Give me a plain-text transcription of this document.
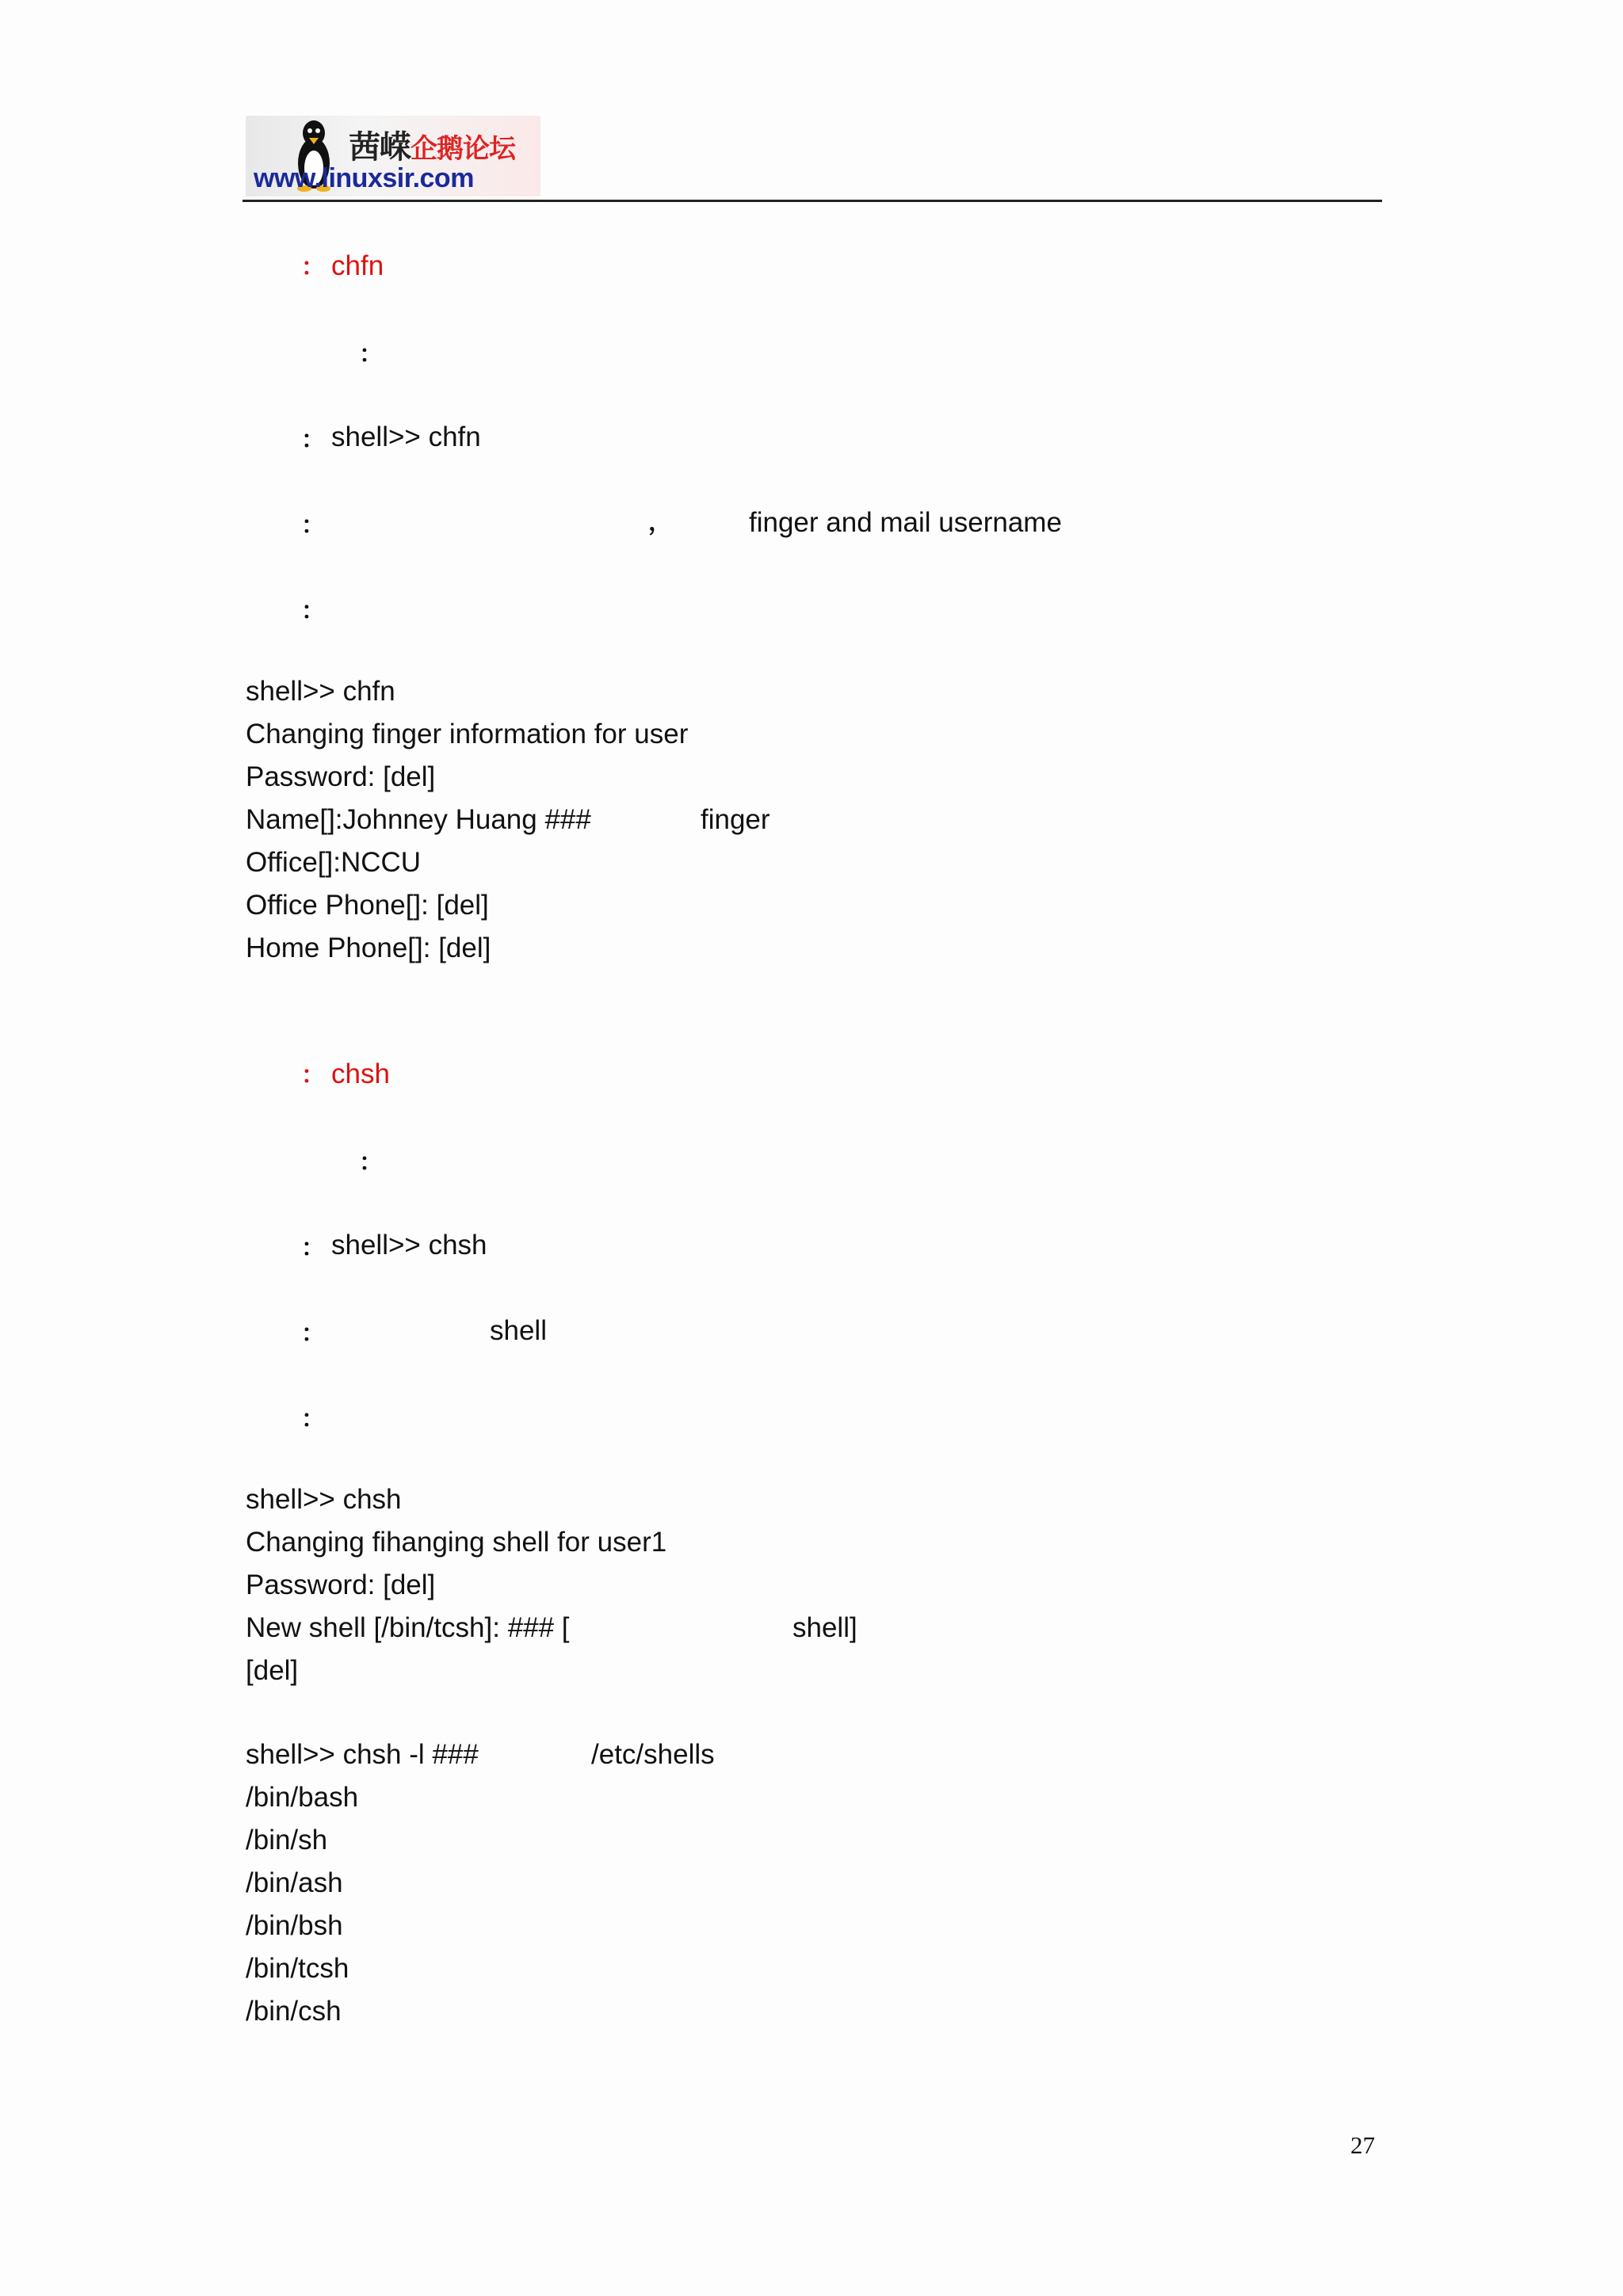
茜嵘企鹅论坛
www.linuxsir.com
： chfn
：
： shell>> chfn
：	，	finger and mail username
：
shell>> chfn
Changing finger information for user
Password: [del]
Name[]:Johnney Huang ###	finger
Office[]:NCCU
Office Phone[]: [del]
Home Phone[]: [del]
： chsh
：
： shell>> chsh
：	shell
：
shell>> chsh
Changing fihanging shell for user1
Password: [del]
New shell [/bin/tcsh]: ### [	shell]
[del]
shell>> chsh -l ###	/etc/shells
/bin/bash
/bin/sh
/bin/ash
/bin/bsh
/bin/tcsh
/bin/csh
27
